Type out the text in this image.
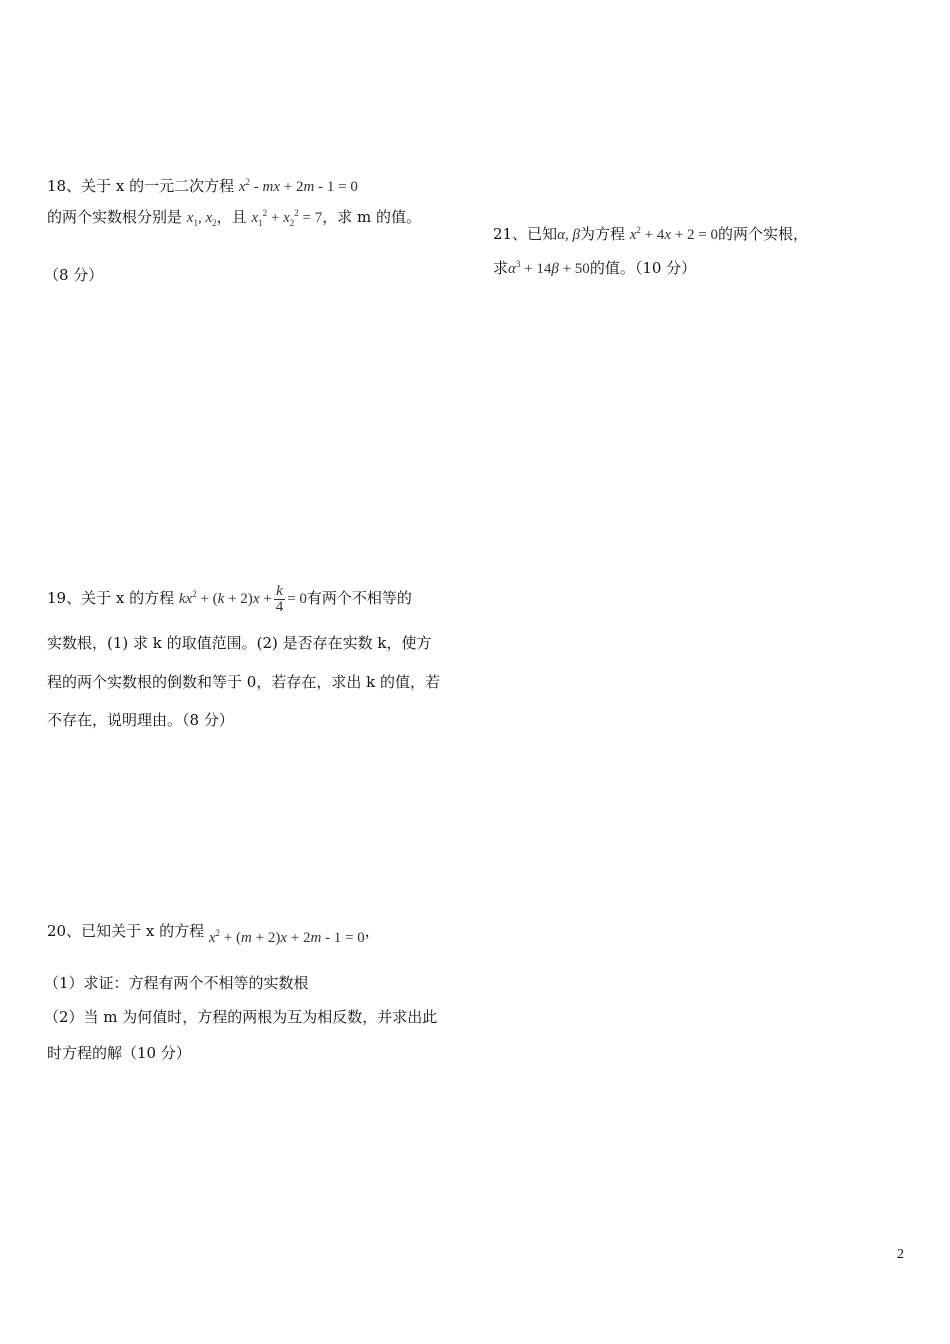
18、关于 x 的一元二次方程 $x^2$ - mx + 2m - 1 = 0
的两个实数根分别是 $x_1$, $x_2$，且 $x_1^2 + x_2^2 = 7$，求 m 的值。
（8 分）
21、已知α, β为方程 $x^2 + 4x + 2 = 0$的两个实根，
求$\alpha^3 + 14\beta + 50$的值。（10 分）
19、关于 x 的方程 $kx^2 + (k + 2)x + \frac{k}{4} = 0$有两个不相等的
实数根，(1) 求 k 的取值范围。(2) 是否存在实数 k，使方
程的两个实数根的倒数和等于 0，若存在，求出 k 的值，若
不存在，说明理由。（8 分）
20、已知关于 x 的方程 $x^2 + (m + 2)x + 2m - 1 = 0$，
（1）求证：方程有两个不相等的实数根
（2）当 m 为何值时，方程的两根为互为相反数，并求出此
时方程的解（10 分）
2
